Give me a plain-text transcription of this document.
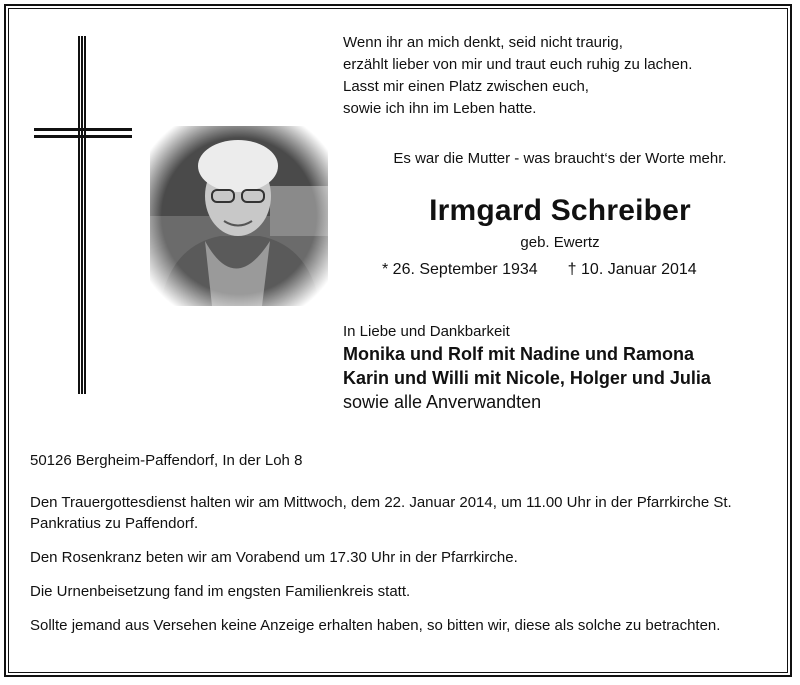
Wenn ihr an mich denkt, seid nicht traurig,
erzählt lieber von mir und traut euch ruhig zu lachen.
Lasst mir einen Platz zwischen euch,
sowie ich ihn im Leben hatte.
Es war die Mutter - was braucht‘s der Worte mehr.
Irmgard Schreiber
geb. Ewertz
* 26. September 1934 † 10. Januar 2014
In Liebe und Dankbarkeit
Monika und Rolf mit Nadine und Ramona
Karin und Willi mit Nicole, Holger und Julia
sowie alle Anverwandten
50126 Bergheim-Paffendorf, In der Loh 8

Den Trauergottesdienst halten wir am Mittwoch, dem 22. Januar 2014, um 11.00 Uhr in der Pfarrkirche St. Pankratius zu Paffendorf.

Den Rosenkranz beten wir am Vorabend um 17.30 Uhr in der Pfarrkirche.

Die Urnenbeisetzung fand im engsten Familienkreis statt.

Sollte jemand aus Versehen keine Anzeige erhalten haben, so bitten wir, diese als solche zu betrachten.
